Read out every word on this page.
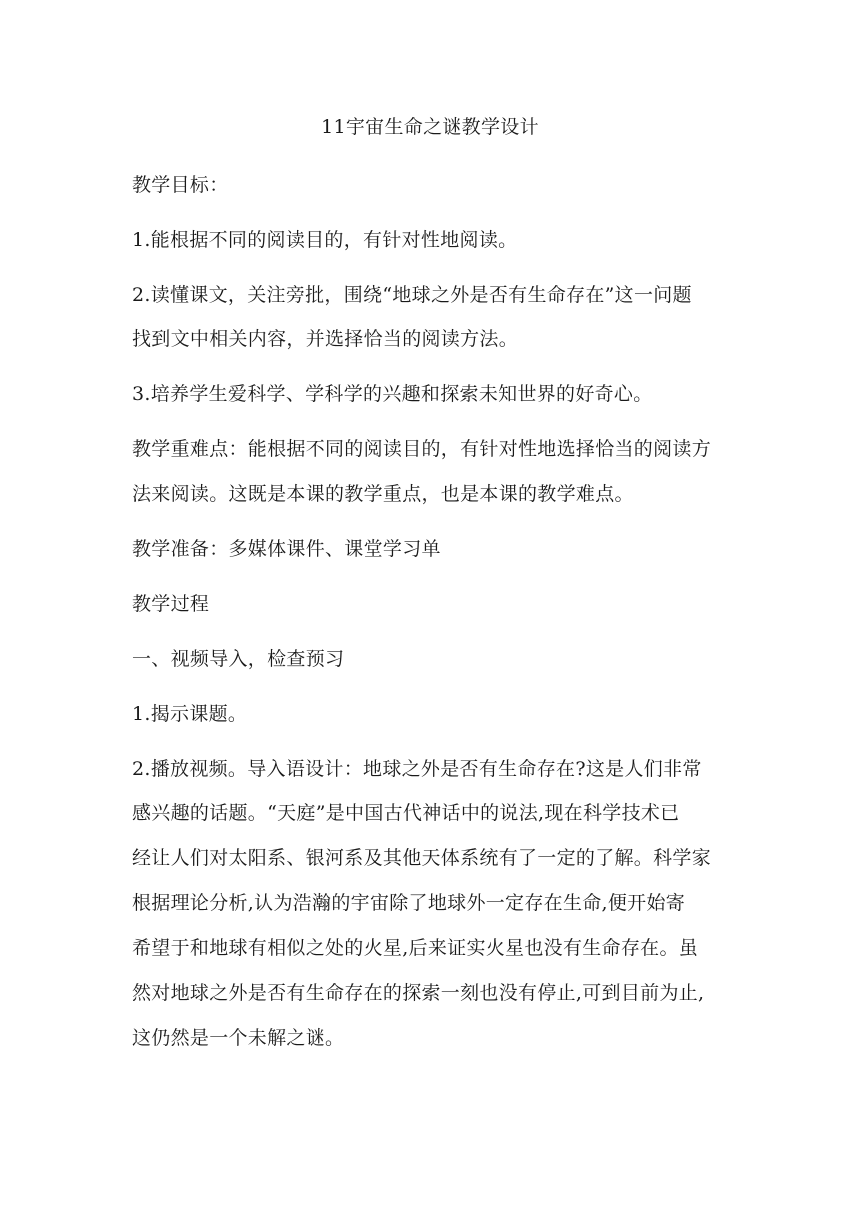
11宇宙生命之谜教学设计
教学目标：
1.能根据不同的阅读目的，有针对性地阅读。
2.读懂课文，关注旁批，围绕“地球之外是否有生命存在”这一问题
找到文中相关内容，并选择恰当的阅读方法。
3.培养学生爱科学、学科学的兴趣和探索未知世界的好奇心。
教学重难点：能根据不同的阅读目的，有针对性地选择恰当的阅读方
法来阅读。这既是本课的教学重点，也是本课的教学难点。
教学准备：多媒体课件、课堂学习单
教学过程
一、视频导入，检查预习
1.揭示课题。
2.播放视频。导入语设计：地球之外是否有生命存在?这是人们非常
感兴趣的话题。“天庭”是中国古代神话中的说法,现在科学技术已
经让人们对太阳系、银河系及其他天体系统有了一定的了解。科学家
根据理论分析,认为浩瀚的宇宙除了地球外一定存在生命,便开始寄
希望于和地球有相似之处的火星,后来证实火星也没有生命存在。虽
然对地球之外是否有生命存在的探索一刻也没有停止,可到目前为止,
这仍然是一个未解之谜。
